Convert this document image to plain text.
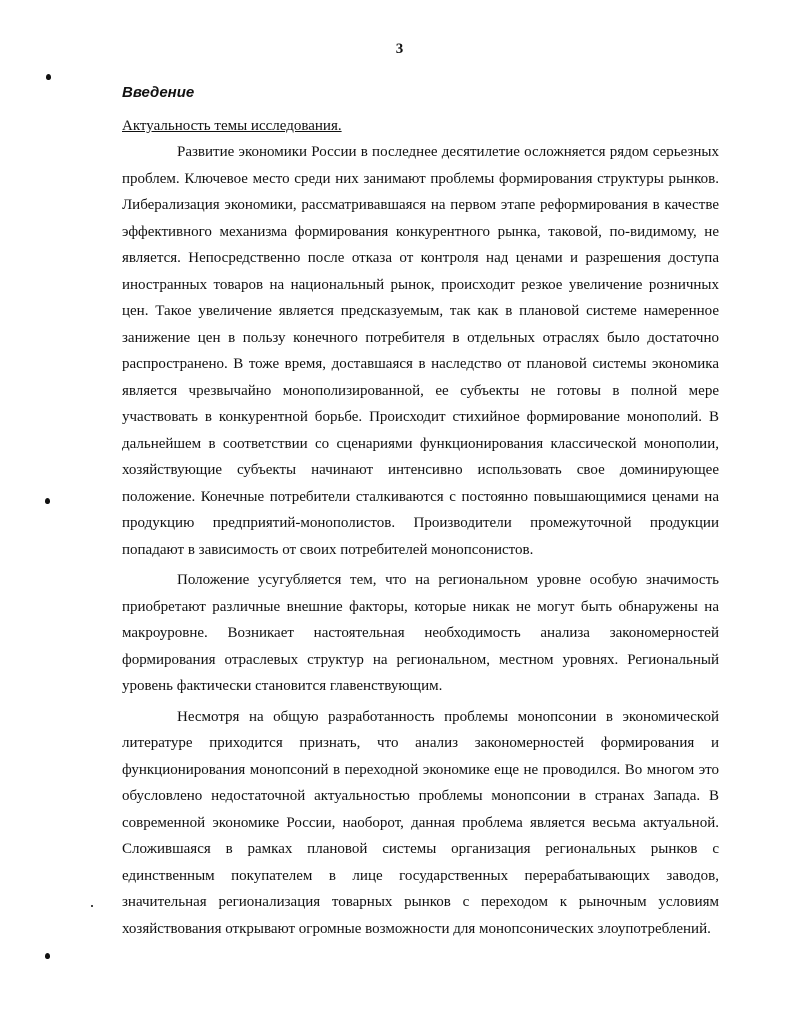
3
Введение

Актуальность темы исследования.

Развитие экономики России в последнее десятилетие осложняется рядом серьезных проблем. Ключевое место среди них занимают проблемы формирования структуры рынков. Либерализация экономики, рассматривавшаяся на первом этапе реформирования в качестве эффективного механизма формирования конкурентного рынка, таковой, по-видимому, не является. Непосредственно после отказа от контроля над ценами и разрешения доступа иностранных товаров на национальный рынок, происходит резкое увеличение розничных цен. Такое увеличение является предсказуемым, так как в плановой системе намеренное занижение цен в пользу конечного потребителя в отдельных отраслях было достаточно распространено. В тоже время, доставшаяся в наследство от плановой системы экономика является чрезвычайно монополизированной, ее субъекты не готовы в полной мере участвовать в конкурентной борьбе. Происходит стихийное формирование монополий. В дальнейшем в соответствии со сценариями функционирования классической монополии, хозяйствующие субъекты начинают интенсивно использовать свое доминирующее положение. Конечные потребители сталкиваются с постоянно повышающимися ценами на продукцию предприятий-монополистов. Производители промежуточной продукции попадают в зависимость от своих потребителей монопсонистов.

Положение усугубляется тем, что на региональном уровне особую значимость приобретают различные внешние факторы, которые никак не могут быть обнаружены на макроуровне. Возникает настоятельная необходимость анализа закономерностей формирования отраслевых структур на региональном, местном уровнях. Региональный уровень фактически становится главенствующим.

Несмотря на общую разработанность проблемы монопсонии в экономической литературе приходится признать, что анализ закономерностей формирования и функционирования монопсоний в переходной экономике еще не проводился. Во многом это обусловлено недостаточной актуальностью проблемы монопсонии в странах Запада. В современной экономике России, наоборот, данная проблема является весьма актуальной. Сложившаяся в рамках плановой системы организация региональных рынков с единственным покупателем в лице государственных перерабатывающих заводов, значительная регионализация товарных рынков с переходом к рыночным условиям хозяйствования открывают огромные возможности для монопсонических злоупотреблений.
